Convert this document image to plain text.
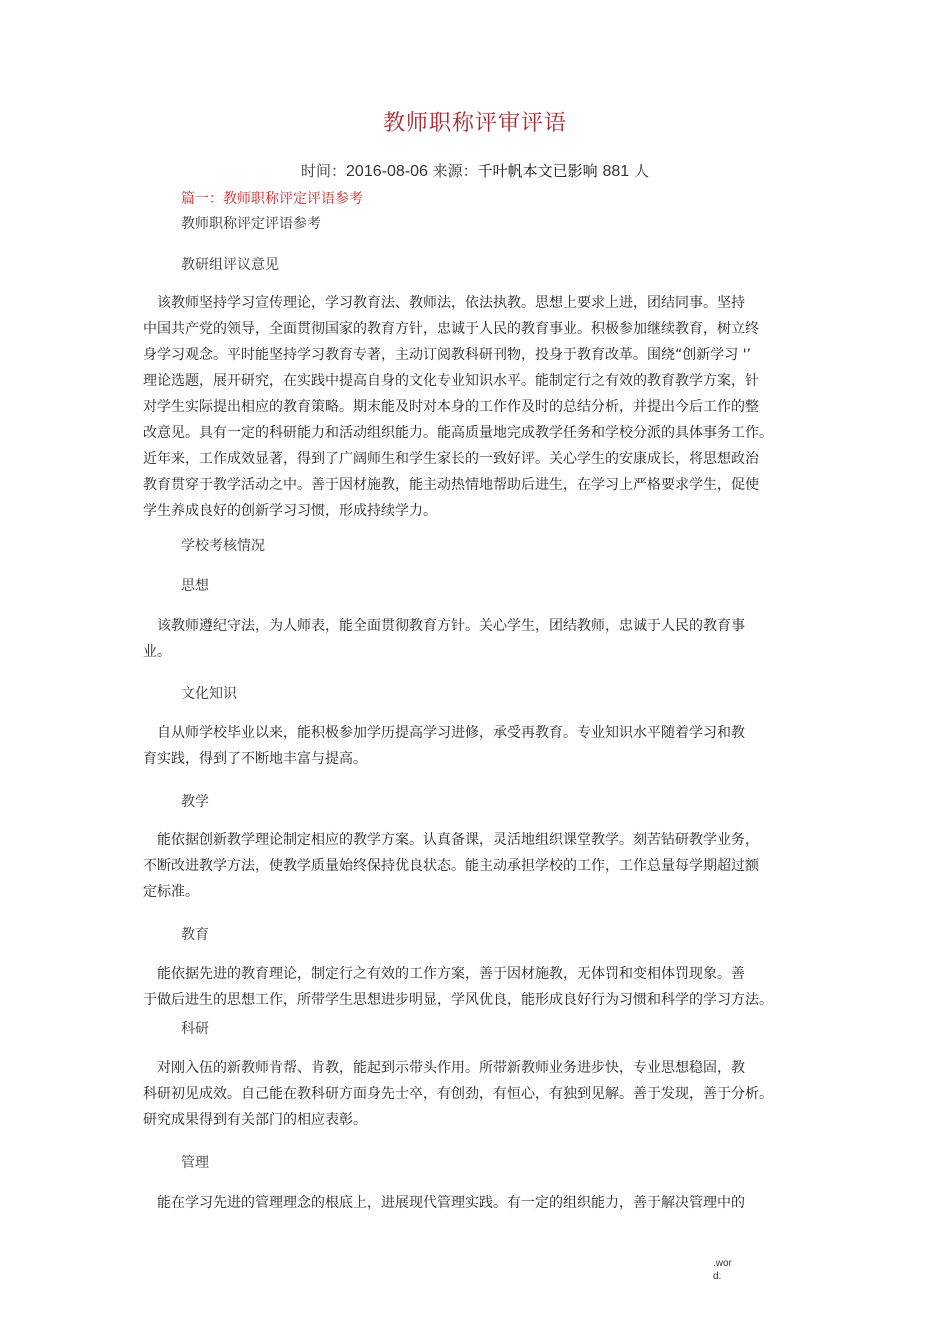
教师职称评审评语
时间：2016-08-06 来源：千叶帆本文已影响 881 人
篇一：教师职称评定评语参考
教师职称评定评语参考
教研组评议意见
　该教师坚持学习宣传理论，学习教育法、教师法，依法执教。思想上要求上进，团结同事。坚持
中国共产党的领导，全面贯彻国家的教育方针，忠诚于人民的教育事业。积极参加继续教育，树立终
身学习观念。平时能坚持学习教育专著，主动订阅教科研刊物，投身于教育改革。围绕“创新学习 '’
理论选题，展开研究，在实践中提高自身的文化专业知识水平。能制定行之有效的教育教学方案，针
对学生实际提出相应的教育策略。期末能及时对本身的工作作及时的总结分析，并提出今后工作的整
改意见。具有一定的科研能力和活动组织能力。能高质量地完成教学任务和学校分派的具体事务工作。
近年来，工作成效显著，得到了广阔师生和学生家长的一致好评。关心学生的安康成长，将思想政治
教育贯穿于教学活动之中。善于因材施教，能主动热情地帮助后进生，在学习上严格要求学生，促使
学生养成良好的创新学习习惯，形成持续学力。
学校考核情况
思想
　该教师遵纪守法，为人师表，能全面贯彻教育方针。关心学生，团结教师，忠诚于人民的教育事
业。
文化知识
　自从师学校毕业以来，能积极参加学历提高学习进修，承受再教育。专业知识水平随着学习和教
育实践，得到了不断地丰富与提高。
教学
　能依据创新教学理论制定相应的教学方案。认真备课，灵活地组织课堂教学。刻苦钻研教学业务，
不断改进教学方法，使教学质量始终保持优良状态。能主动承担学校的工作，工作总量每学期超过额
定标准。
教育
　能依据先进的教育理论，制定行之有效的工作方案，善于因材施教，无体罚和变相体罚现象。善
于做后进生的思想工作，所带学生思想进步明显，学风优良，能形成良好行为习惯和科学的学习方法。
科研
　对刚入伍的新教师肯帮、肯教，能起到示带头作用。所带新教师业务进步快，专业思想稳固，教
科研初见成效。自己能在教科研方面身先士卒，有创劲，有恒心，有独到见解。善于发现，善于分析。
研究成果得到有关部门的相应表彰。
管理
　能在学习先进的管理理念的根底上，进展现代管理实践。有一定的组织能力，善于解决管理中的
.wor
d.
